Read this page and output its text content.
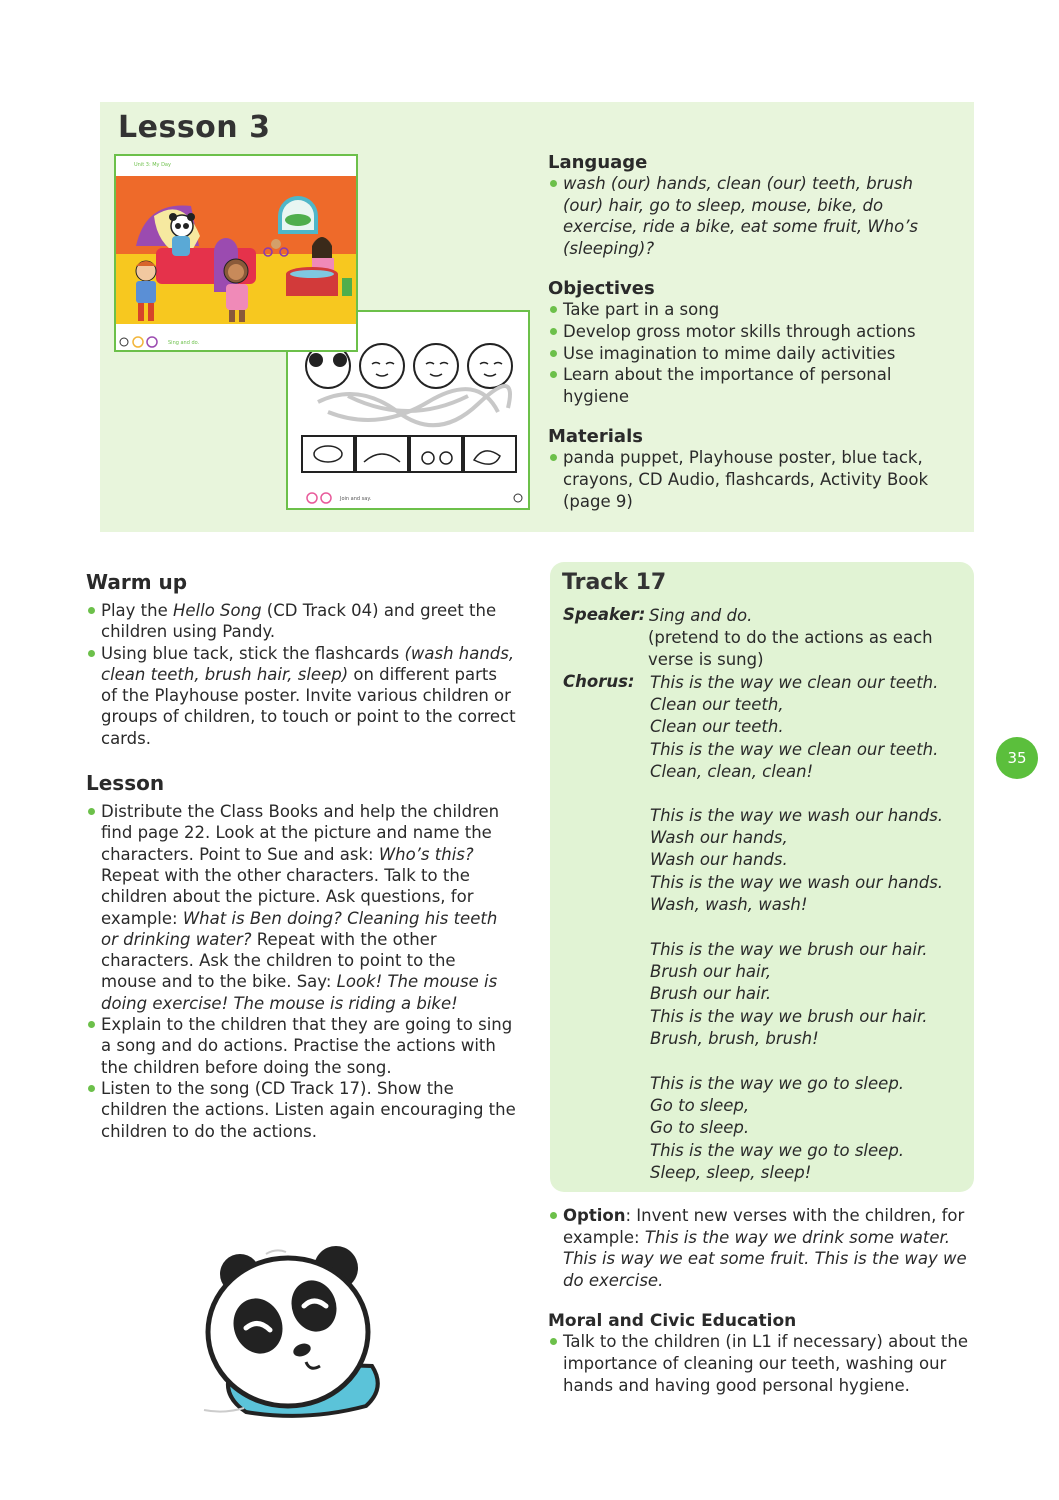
Lesson 3
Unit 3: My Day
Sing and do.
Join and say.

Language

wash (our) hands, clean (our) teeth, brush (our) hair, go to sleep, mouse, bike, do exercise, ride a bike, eat some fruit, Who’s (sleeping)?

Objectives

Take part in a song
Develop gross motor skills through actions
Use imagination to mime daily activities
Learn about the importance of personal hygiene

Materials

panda puppet, Playhouse poster, blue tack, crayons, CD Audio, flashcards, Activity Book (page 9)

Warm up

Play the Hello Song (CD Track 04) and greet the children using Pandy.
Using blue tack, stick the flashcards (wash hands, clean teeth, brush hair, sleep) on different parts of the Playhouse poster. Invite various children or groups of children, to touch or point to the correct cards.

Lesson

Distribute the Class Books and help the children find page 22. Look at the picture and name the characters. Point to Sue and ask: Who’s this? Repeat with the other characters. Talk to the children about the picture. Ask questions, for example: What is Ben doing? Cleaning his teeth or drinking water? Repeat with the other characters. Ask the children to point to the mouse and to the bike. Say: Look! The mouse is doing exercise! The mouse is riding a bike!
Explain to the children that they are going to sing a song and do actions. Practise the actions with the children before doing the song.
Listen to the song (CD Track 17). Show the children the actions. Listen again encouraging the children to do the actions.
Track 17
Speaker: Sing and do.
(pretend to do the actions as each verse is sung)
Chorus: This is the way we clean our teeth.
Clean our teeth,
Clean our teeth.
This is the way we clean our teeth.
Clean, clean, clean!
This is the way we wash our hands.
Wash our hands,
Wash our hands.
This is the way we wash our hands.
Wash, wash, wash!
This is the way we brush our hair.
Brush our hair,
Brush our hair.
This is the way we brush our hair.
Brush, brush, brush!
This is the way we go to sleep.
Go to sleep,
Go to sleep.
This is the way we go to sleep.
Sleep, sleep, sleep!
Option: Invent new verses with the children, for example: This is the way we drink some water. This is way we eat some fruit. This is the way we do exercise.

Moral and Civic Education

Talk to the children (in L1 if necessary) about the importance of cleaning our teeth, washing our hands and having good personal hygiene.
35
